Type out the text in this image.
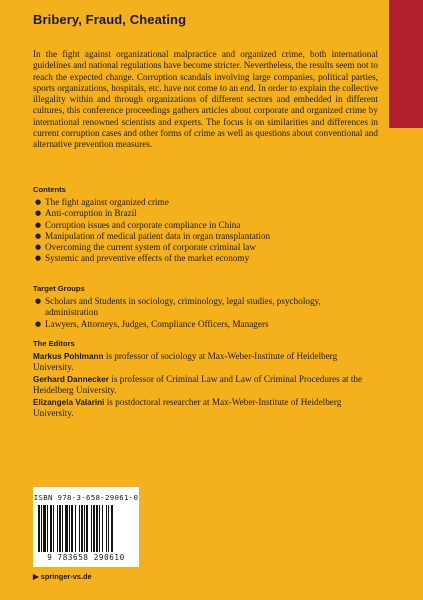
Bribery, Fraud, Cheating

In the fight against organizational malpractice and organized crime, both international guidelines and national regulations have become stricter. Nevertheless, the results seem not to reach the expected change. Corruption scandals involving large companies, political parties, sports organizations, hospitals, etc. have not come to an end. In order to explain the collective illegality within and through organizations of different sectors and embedded in different cultures, this conference proceedings gathers articles about corporate and organized crime by international renowned scientists and experts. The focus is on similarities and differences in current corruption cases and other forms of crime as well as questions about conventional and alternative prevention measures.

Contents
● The fight against organized crime
● Anti-corruption in Brazil
● Corruption issues and corporate compliance in China
● Manipulation of medical patient data in organ transplantation
● Overcoming the current system of corporate criminal law
● Systemic and preventive effects of the market economy
Target Groups
● Scholars and Students in sociology, criminology, legal studies, psychology, administration
● Lawyers, Attorneys, Judges, Compliance Officers, Managers
The Editors

Markus Pohlmann is professor of sociology at Max-Weber-Institute of Heidelberg University.

Gerhard Dannecker is professor of Criminal Law and Law of Criminal Procedures at the Heidelberg University.

Elizangela Valarini is postdoctoral researcher at Max-Weber-Institute of Heidelberg University.

ISBN 978-3-658-29061-0
9 783658 290610
▶ springer-vs.de
